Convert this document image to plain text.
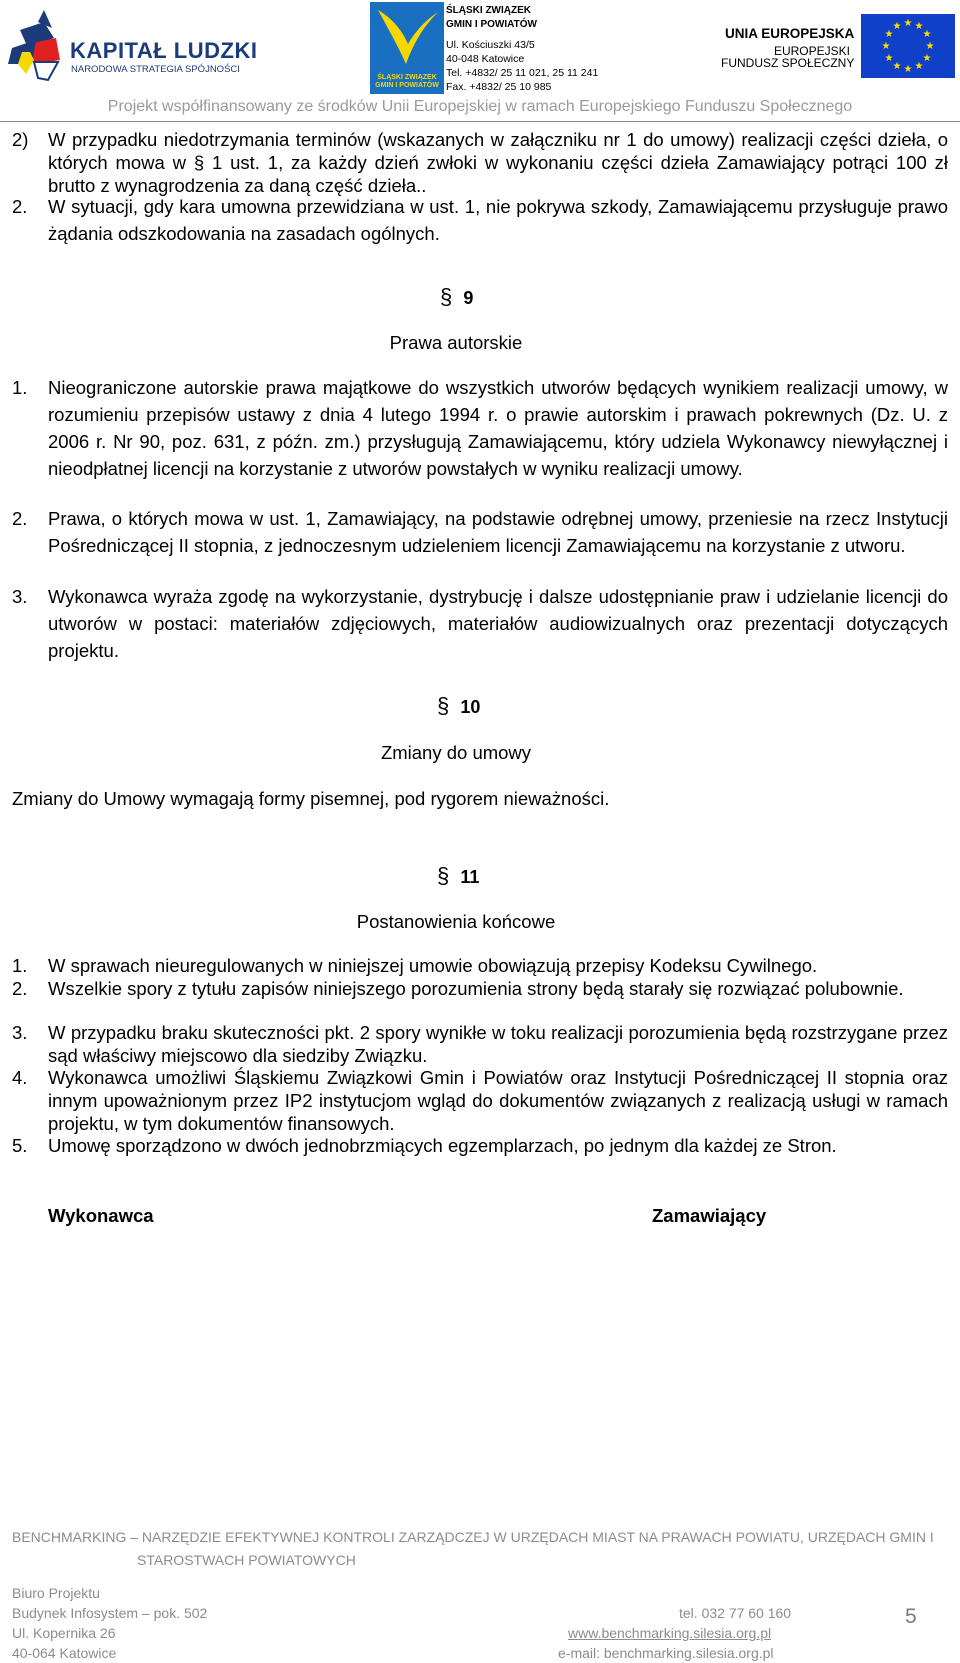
KAPITAŁ LUDZKI
NARODOWA STRATEGIA SPÓJNOŚCI
ŚLĄSKI ZWIĄZEK
GMIN I POWIATÓW
ŚLĄSKI ZWIĄZEK
GMIN I POWIATÓW
Ul. Kościuszki 43/5
40-048 Katowice
Tel. +4832/ 25 11 021, 25 11 241
Fax. +4832/ 25 10 985
UNIA EUROPEJSKA
EUROPEJSKI
FUNDUSZ SPOŁECZNY
★ ★
★
★
★
★
★
★
★
★
★
★
Projekt współfinansowany ze środków Unii Europejskiej w ramach Europejskiego Funduszu Społecznego
2) W przypadku niedotrzymania terminów (wskazanych w załączniku nr 1 do umowy) realizacji części dzieła, o których mowa w § 1 ust. 1, za każdy dzień zwłoki w wykonaniu części dzieła Zamawiający potrąci 100 zł brutto z wynagrodzenia za daną część dzieła..
2. W sytuacji, gdy kara umowna przewidziana w ust. 1, nie pokrywa szkody, Zamawiającemu przysługuje prawo żądania odszkodowania na zasadach ogólnych.
§ 9
Prawa autorskie
1. Nieograniczone autorskie prawa majątkowe do wszystkich utworów będących wynikiem realizacji umowy, w rozumieniu przepisów ustawy z dnia 4 lutego 1994 r. o prawie autorskim i prawach pokrewnych (Dz. U. z 2006 r. Nr 90, poz. 631, z późn. zm.) przysługują Zamawiającemu, który udziela Wykonawcy niewyłącznej i nieodpłatnej licencji na korzystanie z utworów powstałych w wyniku realizacji umowy.
2. Prawa, o których mowa w ust. 1, Zamawiający, na podstawie odrębnej umowy, przeniesie na rzecz Instytucji Pośredniczącej II stopnia, z jednoczesnym udzieleniem licencji Zamawiającemu na korzystanie z utworu.
3. Wykonawca wyraża zgodę na wykorzystanie, dystrybucję i dalsze udostępnianie praw i udzielanie licencji do utworów w postaci: materiałów zdjęciowych, materiałów audiowizualnych oraz prezentacji dotyczących projektu.
§ 10
Zmiany do umowy
Zmiany do Umowy wymagają formy pisemnej, pod rygorem nieważności.
§ 11
Postanowienia końcowe
1. W sprawach nieuregulowanych w niniejszej umowie obowiązują przepisy Kodeksu Cywilnego.
2. Wszelkie spory z tytułu zapisów niniejszego porozumienia strony będą starały się rozwiązać polubownie.
3. W przypadku braku skuteczności pkt. 2 spory wynikłe w toku realizacji porozumienia będą rozstrzygane przez sąd właściwy miejscowo dla siedziby Związku.
4. Wykonawca umożliwi Śląskiemu Związkowi Gmin i Powiatów oraz Instytucji Pośredniczącej II stopnia oraz innym upoważnionym przez IP2 instytucjom wgląd do dokumentów związanych z realizacją usługi w ramach projektu, w tym dokumentów finansowych.
5. Umowę sporządzono w dwóch jednobrzmiących egzemplarzach, po jednym dla każdej ze Stron.
Wykonawca	Zamawiający
BENCHMARKING – NARZĘDZIE EFEKTYWNEJ KONTROLI ZARZĄDCZEJ W URZĘDACH MIAST NA PRAWACH POWIATU, URZĘDACH GMIN I
STAROSTWACH POWIATOWYCH
Biuro Projektu
Budynek Infosystem – pok. 502
Ul. Kopernika 26
40-064 Katowice
tel. 032 77 60 160
www.benchmarking.silesia.org.pl
e-mail: benchmarking.silesia.org.pl
5
